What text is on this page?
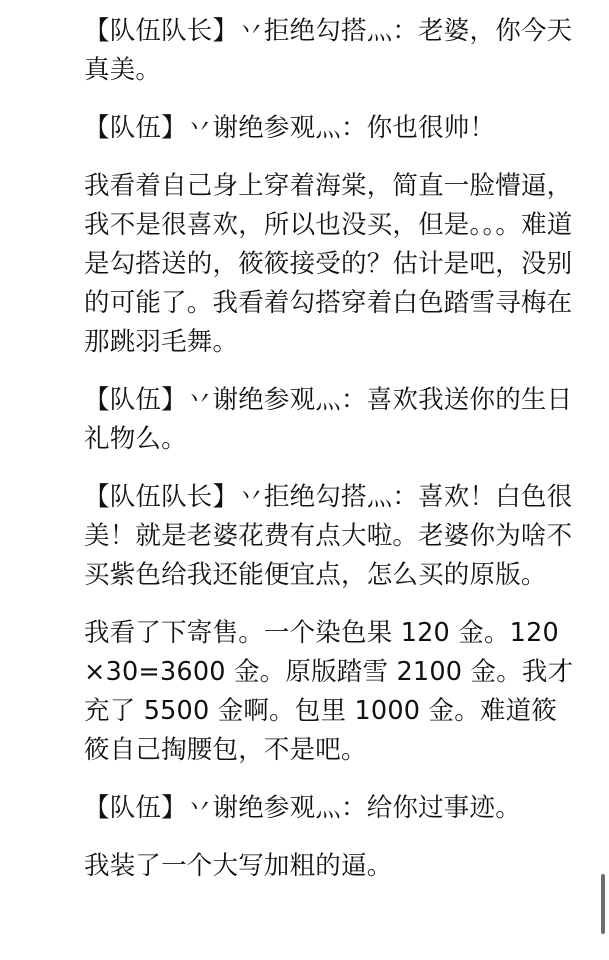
【队伍队长】丷拒绝勾搭灬：老婆，你今天真美。

【队伍】丷谢绝参观灬：你也很帅！

我看着自己身上穿着海棠，简直一脸懵逼，我不是很喜欢，所以也没买，但是。。。难道是勾搭送的，筱筱接受的？估计是吧，没别的可能了。我看着勾搭穿着白色踏雪寻梅在那跳羽毛舞。

【队伍】丷谢绝参观灬：喜欢我送你的生日礼物么。

【队伍队长】丷拒绝勾搭灬：喜欢！白色很美！就是老婆花费有点大啦。老婆你为啥不买紫色给我还能便宜点，怎么买的原版。

我看了下寄售。一个染色果 120 金。120×30=3600 金。原版踏雪 2100 金。我才充了 5500 金啊。包里 1000 金。难道筱筱自己掏腰包，不是吧。

【队伍】丷谢绝参观灬：给你过事迹。

我装了一个大写加粗的逼。
